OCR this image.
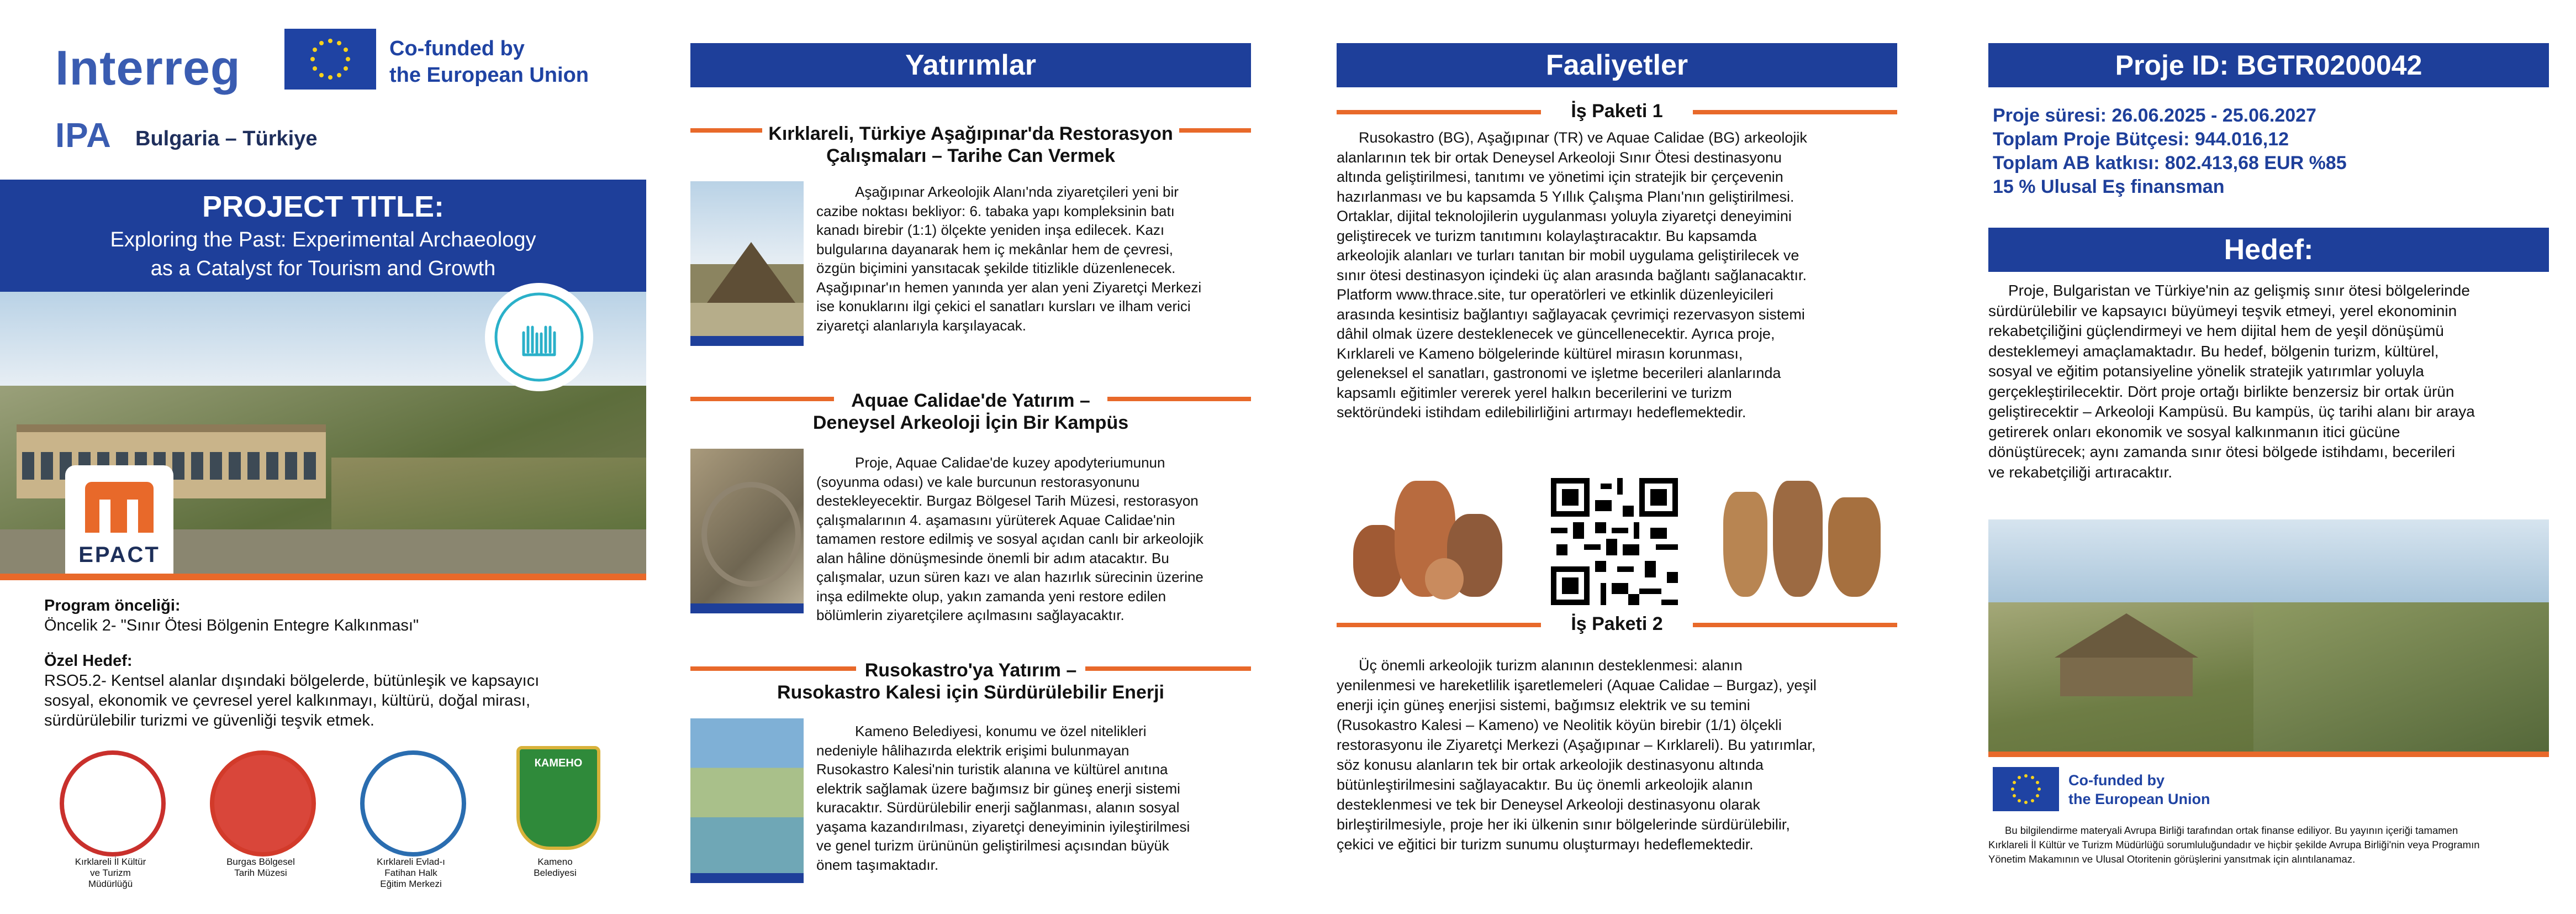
Interreg	Co-funded by
the European Union
IPA Bulgaria – Türkiye
PROJECT TITLE:
Exploring the Past: Experimental Archaeology
as a Catalyst for Tourism and Growth
EPACT
Program önceliği:
Öncelik 2- "Sınır Ötesi Bölgenin Entegre Kalkınması"
Özel Hedef:
RSO5.2- Kentsel alanlar dışındaki bölgelerde, bütünleşik ve kapsayıcı
sosyal, ekonomik ve çevresel yerel kalkınmayı, kültürü, doğal mirası,
sürdürülebilir turizmi ve güvenliği teşvik etmek.
КАМЕНО
Kırklareli İl Kültür
ve Turizm
Müdürlüğü
Burgas Bölgesel
Tarih Müzesi
Kırklareli Evlad-ı
Fatihan Halk
Eğitim Merkezi
Kameno
Belediyesi
Yatırımlar
Kırklareli, Türkiye Aşağıpınar'da Restorasyon
Çalışmaları – Tarihe Can Vermek
Aşağıpınar Arkeolojik Alanı'nda ziyaretçileri yeni bir
cazibe noktası bekliyor: 6. tabaka yapı kompleksinin batı
kanadı birebir (1:1) ölçekte yeniden inşa edilecek. Kazı
bulgularına dayanarak hem iç mekânlar hem de çevresi,
özgün biçimini yansıtacak şekilde titizlikle düzenlenecek.
Aşağıpınar'ın hemen yanında yer alan yeni Ziyaretçi Merkezi
ise konuklarını ilgi çekici el sanatları kursları ve ilham verici
ziyaretçi alanlarıyla karşılayacak.
Aquae Calidae'de Yatırım –
Deneysel Arkeoloji İçin Bir Kampüs
Proje, Aquae Calidae'de kuzey apodyteriumunun
(soyunma odası) ve kale burcunun restorasyonunu
destekleyecektir. Burgaz Bölgesel Tarih Müzesi, restorasyon
çalışmalarının 4. aşamasını yürüterek Aquae Calidae'nin
tamamen restore edilmiş ve sosyal açıdan canlı bir arkeolojik
alan hâline dönüşmesinde önemli bir adım atacaktır. Bu
çalışmalar, uzun süren kazı ve alan hazırlık sürecinin üzerine
inşa edilmekte olup, yakın zamanda yeni restore edilen
bölümlerin ziyaretçilere açılmasını sağlayacaktır.
Rusokastro'ya Yatırım –
Rusokastro Kalesi için Sürdürülebilir Enerji
Kameno Belediyesi, konumu ve özel nitelikleri
nedeniyle hâlihazırda elektrik erişimi bulunmayan
Rusokastro Kalesi'nin turistik alanına ve kültürel anıtına
elektrik sağlamak üzere bağımsız bir güneş enerji sistemi
kuracaktır. Sürdürülebilir enerji sağlanması, alanın sosyal
yaşama kazandırılması, ziyaretçi deneyiminin iyileştirilmesi
ve genel turizm ürününün geliştirilmesi açısından büyük
önem taşımaktadır.
Faaliyetler
İş Paketi 1
Rusokastro (BG), Aşağıpınar (TR) ve Aquae Calidae (BG) arkeolojik
alanlarının tek bir ortak Deneysel Arkeoloji Sınır Ötesi destinasyonu
altında geliştirilmesi, tanıtımı ve yönetimi için stratejik bir çerçevenin
hazırlanması ve bu kapsamda 5 Yıllık Çalışma Planı'nın geliştirilmesi.
Ortaklar, dijital teknolojilerin uygulanması yoluyla ziyaretçi deneyimini
geliştirecek ve turizm tanıtımını kolaylaştıracaktır. Bu kapsamda
arkeolojik alanları ve turları tanıtan bir mobil uygulama geliştirilecek ve
sınır ötesi destinasyon içindeki üç alan arasında bağlantı sağlanacaktır.
Platform www.thrace.site, tur operatörleri ve etkinlik düzenleyicileri
arasında kesintisiz bağlantıyı sağlayacak çevrimiçi rezervasyon sistemi
dâhil olmak üzere desteklenecek ve güncellenecektir. Ayrıca proje,
Kırklareli ve Kameno bölgelerinde kültürel mirasın korunması,
geleneksel el sanatları, gastronomi ve işletme becerileri alanlarında
kapsamlı eğitimler vererek yerel halkın becerilerini ve turizm
sektöründeki istihdam edilebilirliğini artırmayı hedeflemektedir.
İş Paketi 2
Üç önemli arkeolojik turizm alanının desteklenmesi: alanın
yenilenmesi ve hareketlilik işaretlemeleri (Aquae Calidae – Burgaz), yeşil
enerji için güneş enerjisi sistemi, bağımsız elektrik ve su temini
(Rusokastro Kalesi – Kameno) ve Neolitik köyün birebir (1/1) ölçekli
restorasyonu ile Ziyaretçi Merkezi (Aşağıpınar – Kırklareli). Bu yatırımlar,
söz konusu alanların tek bir ortak arkeolojik destinasyonu altında
bütünleştirilmesini sağlayacaktır. Bu üç önemli arkeolojik alanın
desteklenmesi ve tek bir Deneysel Arkeoloji destinasyonu olarak
birleştirilmesiyle, proje her iki ülkenin sınır bölgelerinde sürdürülebilir,
çekici ve eğitici bir turizm sunumu oluşturmayı hedeflemektedir.
Proje ID: BGTR0200042
Proje süresi: 26.06.2025 - 25.06.2027
Toplam Proje Bütçesi: 944.016,12
Toplam AB katkısı: 802.413,68 EUR %85
15 % Ulusal Eş finansman
Hedef:
Proje, Bulgaristan ve Türkiye'nin az gelişmiş sınır ötesi bölgelerinde
sürdürülebilir ve kapsayıcı büyümeyi teşvik etmeyi, yerel ekonominin
rekabetçiliğini güçlendirmeyi ve hem dijital hem de yeşil dönüşümü
desteklemeyi amaçlamaktadır. Bu hedef, bölgenin turizm, kültürel,
sosyal ve eğitim potansiyeline yönelik stratejik yatırımlar yoluyla
gerçekleştirilecektir. Dört proje ortağı birlikte benzersiz bir ortak ürün
geliştirecektir – Arkeoloji Kampüsü. Bu kampüs, üç tarihi alanı bir araya
getirerek onları ekonomik ve sosyal kalkınmanın itici gücüne
dönüştürecek; aynı zamanda sınır ötesi bölgede istihdamı, becerileri
ve rekabetçiliği artıracaktır.
Co-funded by
the European Union
Bu bilgilendirme materyali Avrupa Birliği tarafından ortak finanse ediliyor. Bu yayının içeriği tamamen
Kırklareli İl Kültür ve Turizm Müdürlüğü sorumluluğundadır ve hiçbir şekilde Avrupa Birliği'nin veya Programın
Yönetim Makamının ve Ulusal Otoritenin görüşlerini yansıtmak için alıntılanamaz.
